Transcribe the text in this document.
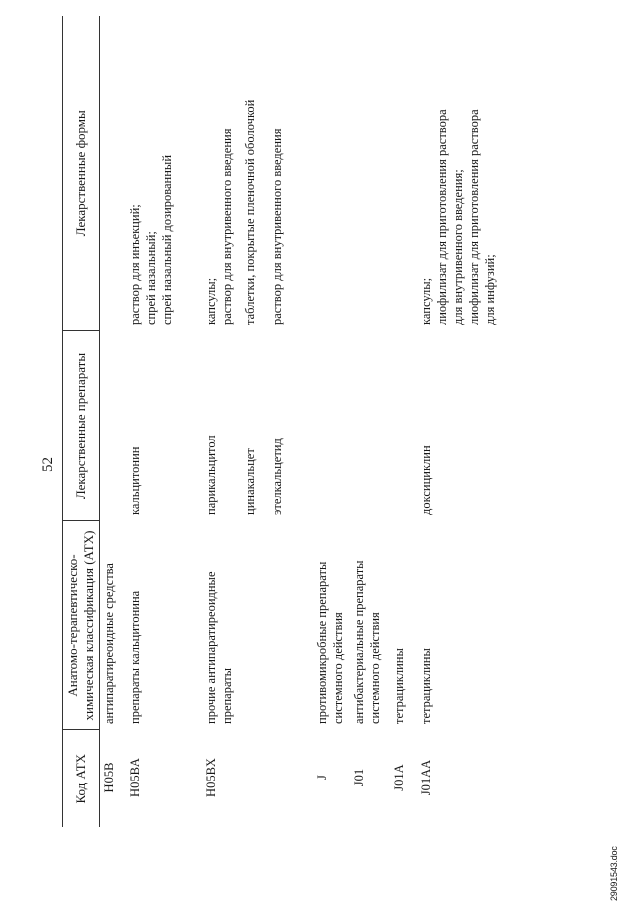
52
Код АТХ	Анатомо-терапевтическо-химическая классификация (АТХ)	Лекарственные препараты	Лекарственные формы
H05B	антипаратиреоидные средства		
H05BA	препараты кальцитонина	кальцитонин	раствор для инъекций;
спрей назальный;
спрей назальный дозированный
H05BX	прочие антипаратиреоидные препараты	парикальцитол	капсулы;
раствор для внутривенного введения
		цинакальцет	таблетки, покрытые пленочной оболочкой
		этелкальцетид	раствор для внутривенного введения
J	противомикробные препараты системного действия		
J01	антибактериальные препараты системного действия		
J01A	тетрациклины		
J01AA	тетрациклины	доксициклин	капсулы;
лиофилизат для приготовления раствора
для внутривенного введения;
лиофилизат для приготовления раствора
для инфузий;
29091543.doc
